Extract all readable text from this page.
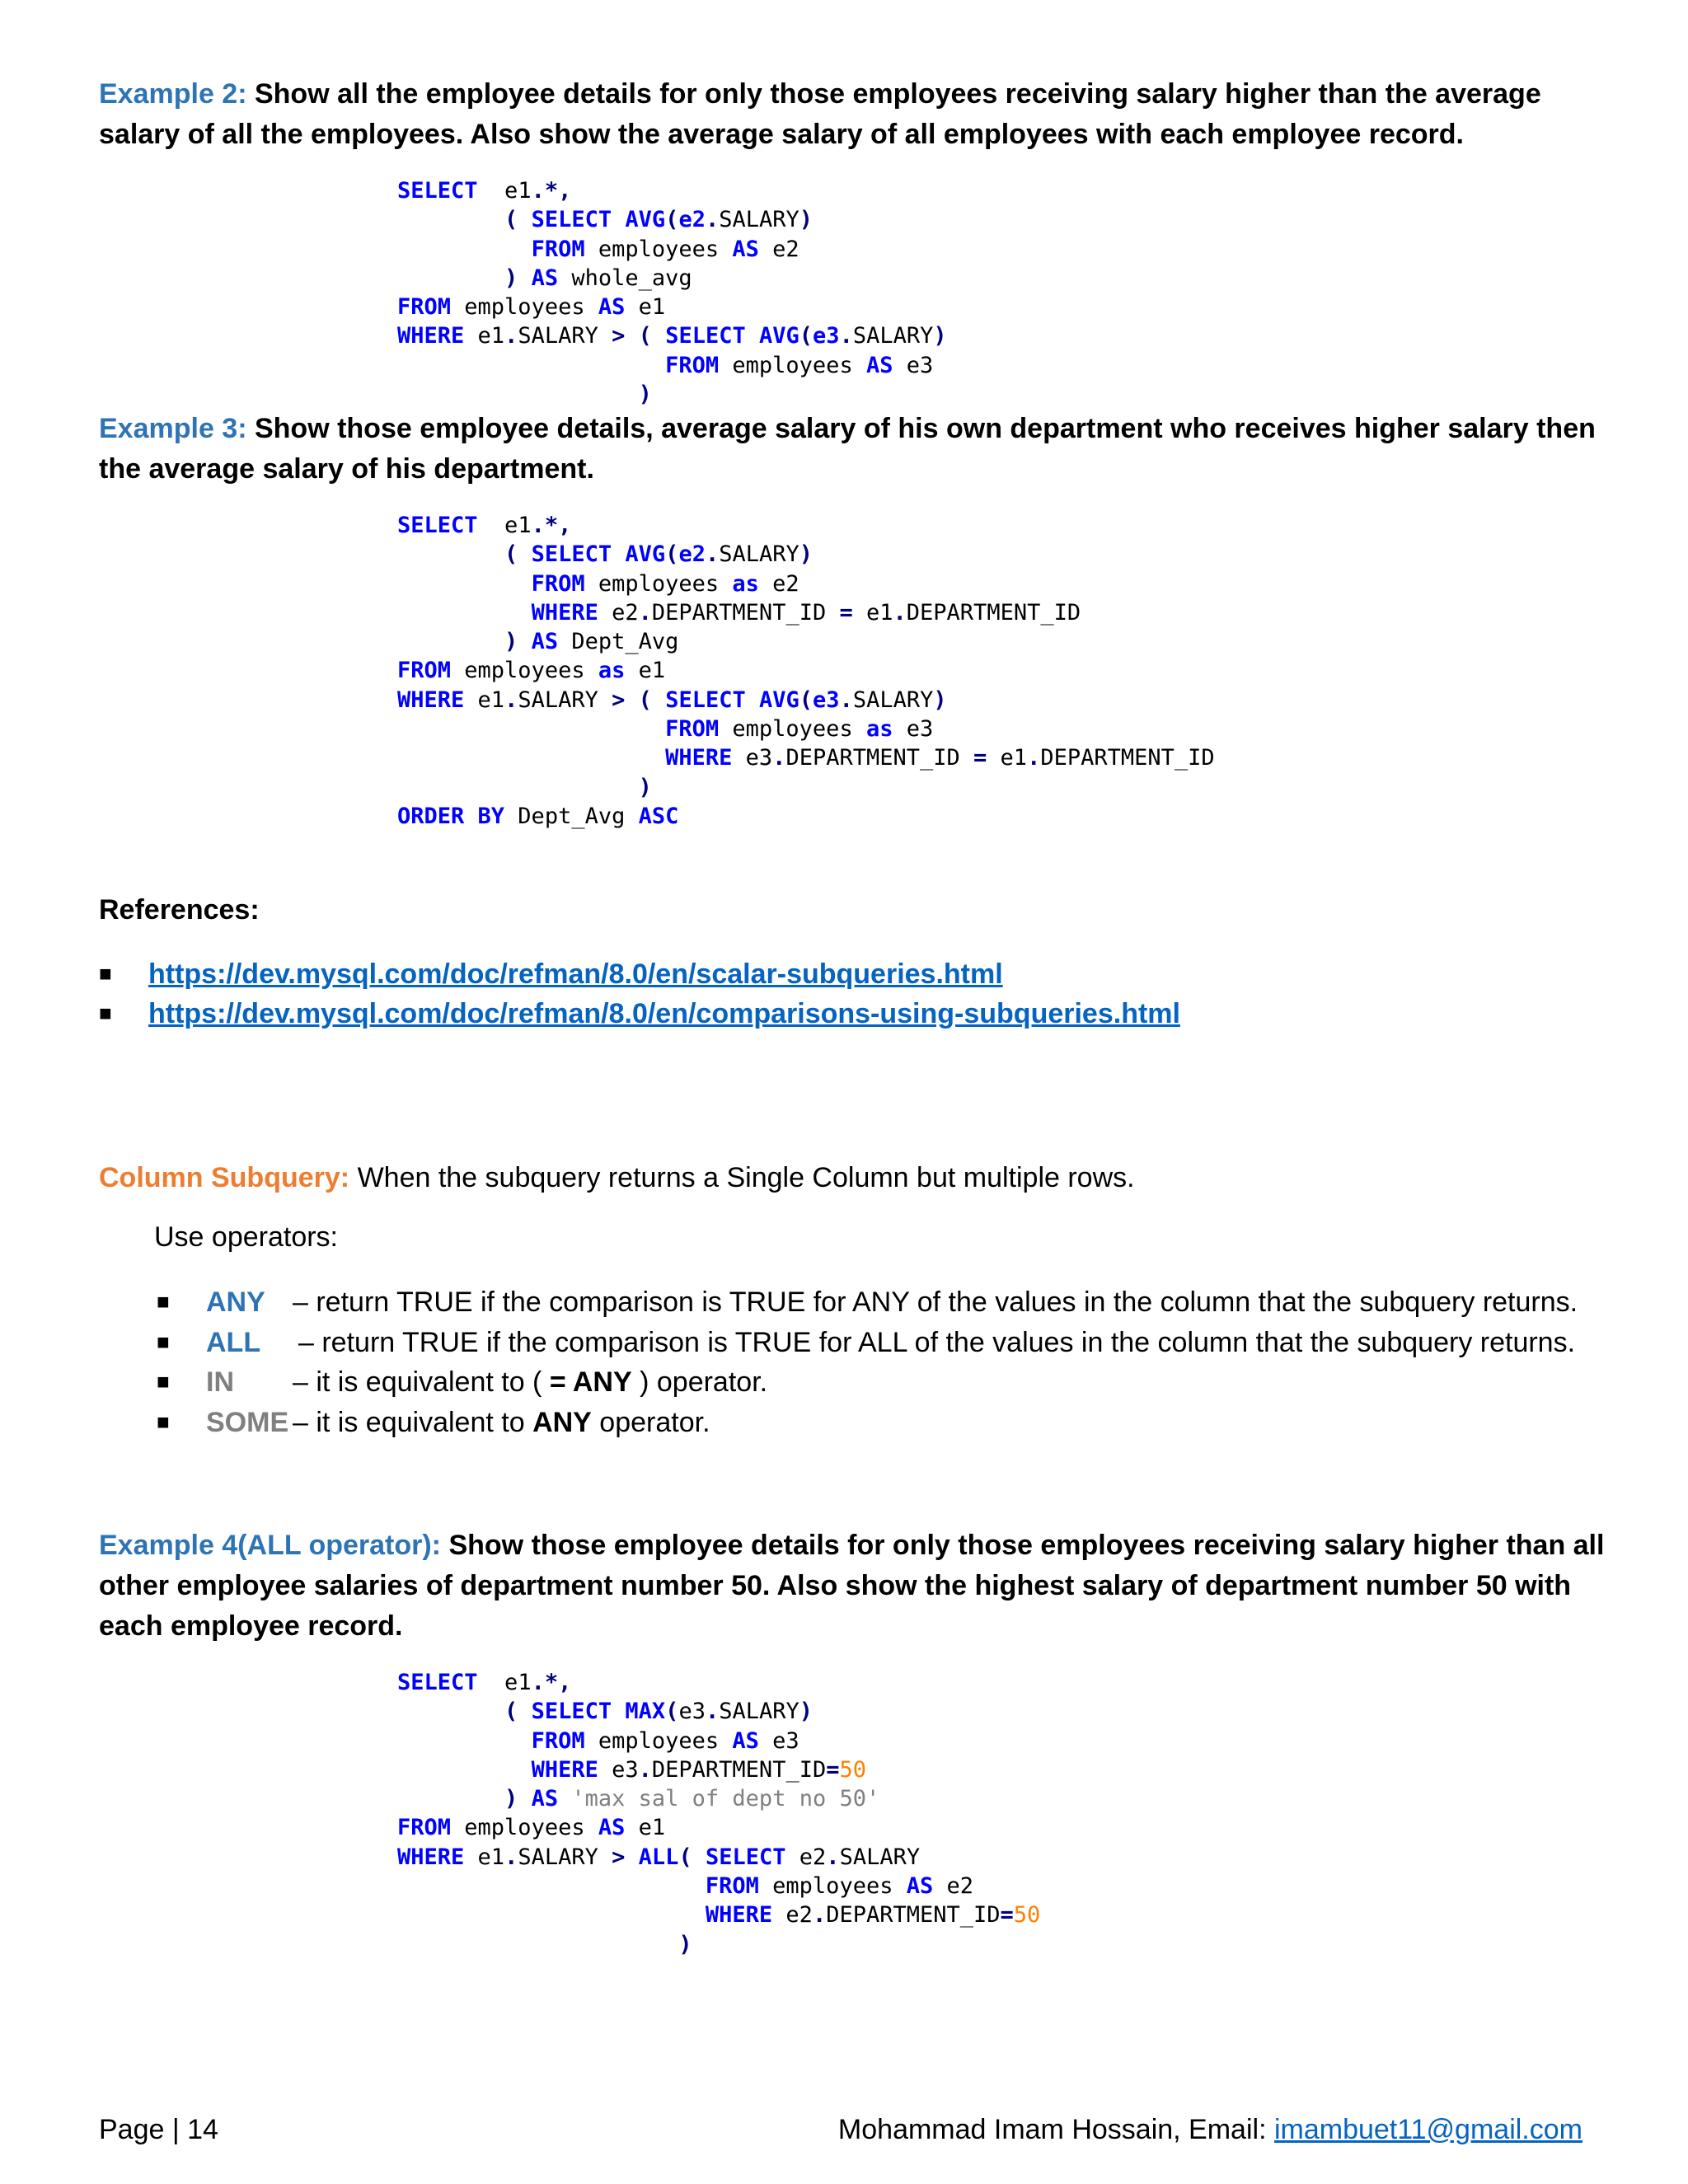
Example 2: Show all the employee details for only those employees receiving salary higher than the average salary of all the employees. Also show the average salary of all employees with each employee record.
SELECT  e1.*,
( SELECT AVG(e2.SALARY)
FROM employees AS e2
) AS whole_avg
FROM employees AS e1
WHERE e1.SALARY > ( SELECT AVG(e3.SALARY)
FROM employees AS e3
)
Example 3: Show those employee details, average salary of his own department who receives higher salary then the average salary of his department.
SELECT  e1.*,
( SELECT AVG(e2.SALARY)
FROM employees as e2
WHERE e2.DEPARTMENT_ID = e1.DEPARTMENT_ID
) AS Dept_Avg
FROM employees as e1
WHERE e1.SALARY > ( SELECT AVG(e3.SALARY)
FROM employees as e3
WHERE e3.DEPARTMENT_ID = e1.DEPARTMENT_ID
)
ORDER BY Dept_Avg ASC
References:
■ https://dev.mysql.com/doc/refman/8.0/en/scalar-subqueries.html
■ https://dev.mysql.com/doc/refman/8.0/en/comparisons-using-subqueries.html
Column Subquery: When the subquery returns a Single Column but multiple rows.
Use operators:
■ ANY – return TRUE if the comparison is TRUE for ANY of the values in the column that the subquery returns.
■ ALL – return TRUE if the comparison is TRUE for ALL of the values in the column that the subquery returns.
■ IN – it is equivalent to ( = ANY ) operator.
■ SOME – it is equivalent to ANY operator.
Example 4(ALL operator): Show those employee details for only those employees receiving salary higher than all other employee salaries of department number 50. Also show the highest salary of department number 50 with each employee record.
SELECT  e1.*,
( SELECT MAX(e3.SALARY)
FROM employees AS e3
WHERE e3.DEPARTMENT_ID=50
) AS 'max sal of dept no 50'
FROM employees AS e1
WHERE e1.SALARY > ALL( SELECT e2.SALARY
FROM employees AS e2
WHERE e2.DEPARTMENT_ID=50
)
Page | 14	Mohammad Imam Hossain, Email: imambuet11@gmail.com
